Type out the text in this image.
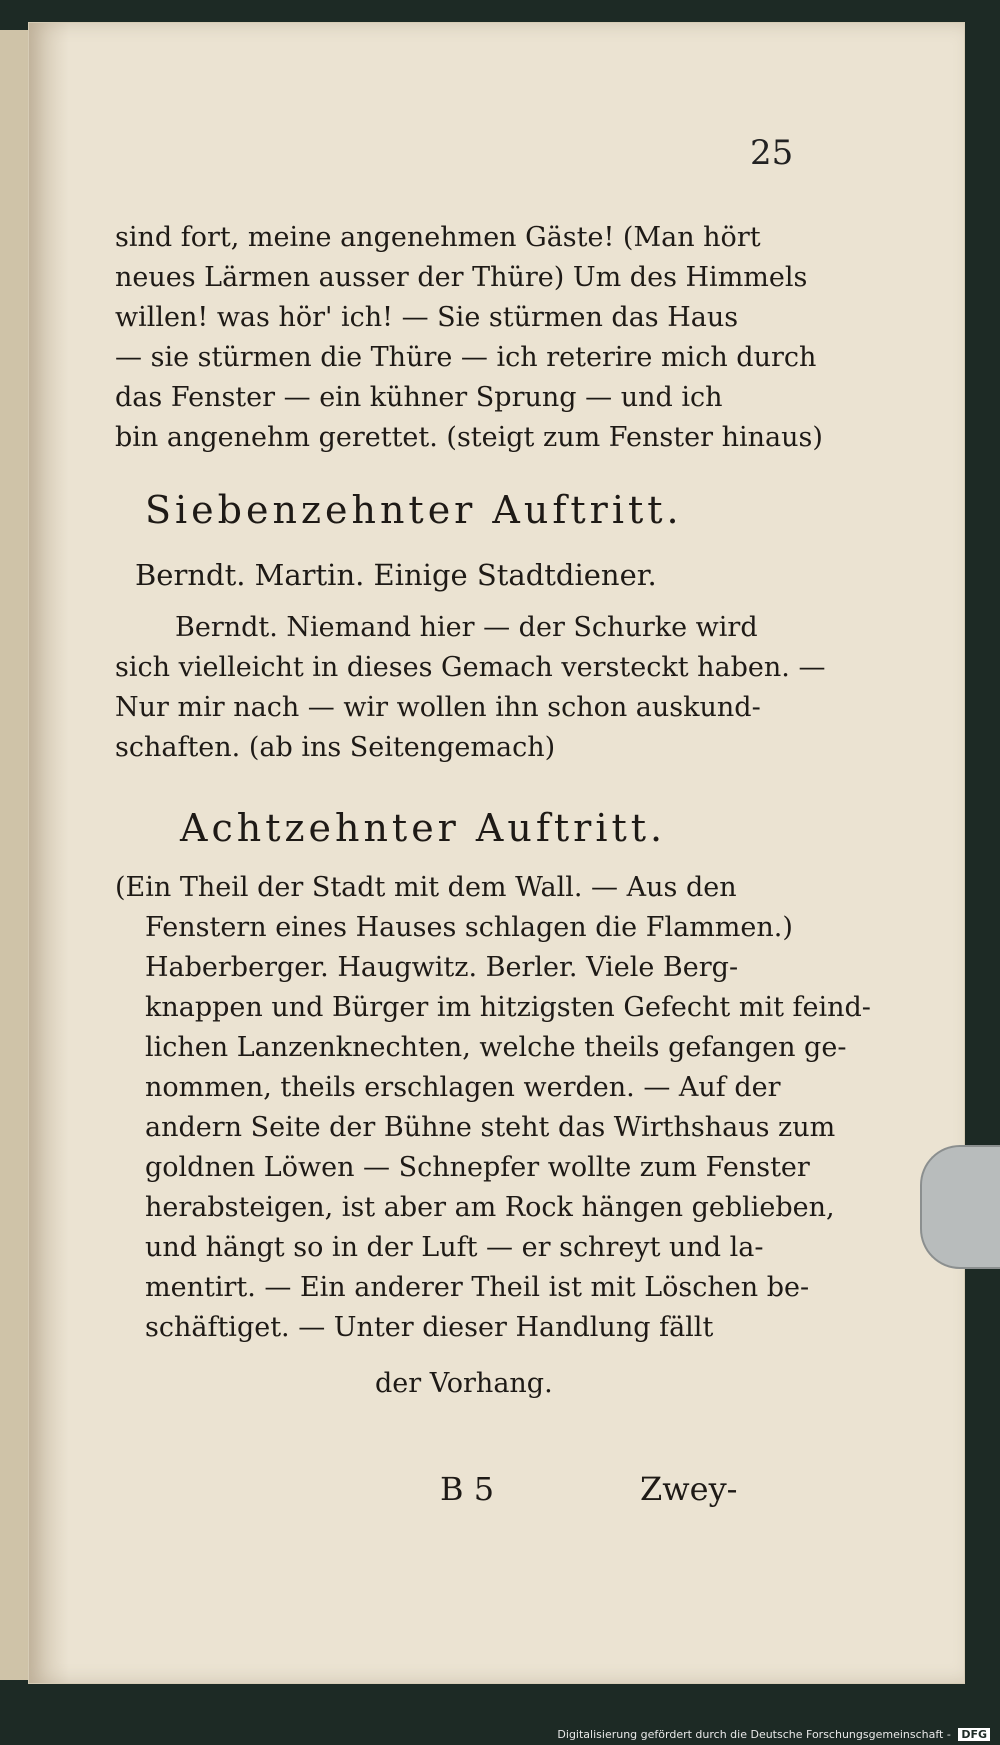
25
sind fort, meine angenehmen Gäste! (Man hört
neues Lärmen ausser der Thüre) Um des Himmels
willen! was hör' ich! — Sie stürmen das Haus
— sie stürmen die Thüre — ich reterire mich durch
das Fenster — ein kühner Sprung — und ich
bin angenehm gerettet. (steigt zum Fenster hinaus)
Siebenzehnter Auftritt.
Berndt. Martin. Einige Stadtdiener.
Berndt. Niemand hier — der Schurke wird
sich vielleicht in dieses Gemach versteckt haben. —
Nur mir nach — wir wollen ihn schon auskund-
schaften. (ab ins Seitengemach)
Achtzehnter Auftritt.
(Ein Theil der Stadt mit dem Wall. — Aus den
Fenstern eines Hauses schlagen die Flammen.)
Haberberger. Haugwitz. Berler. Viele Berg-
knappen und Bürger im hitzigsten Gefecht mit feind-
lichen Lanzenknechten, welche theils gefangen ge-
nommen, theils erschlagen werden. — Auf der
andern Seite der Bühne steht das Wirthshaus zum
goldnen Löwen — Schnepfer wollte zum Fenster
herabsteigen, ist aber am Rock hängen geblieben,
und hängt so in der Luft — er schreyt und la-
mentirt. — Ein anderer Theil ist mit Löschen be-
schäftiget. — Unter dieser Handlung fällt
der Vorhang.
B 5	Zwey-
Digitalisierung gefördert durch die Deutsche Forschungsgemeinschaft - DFG
